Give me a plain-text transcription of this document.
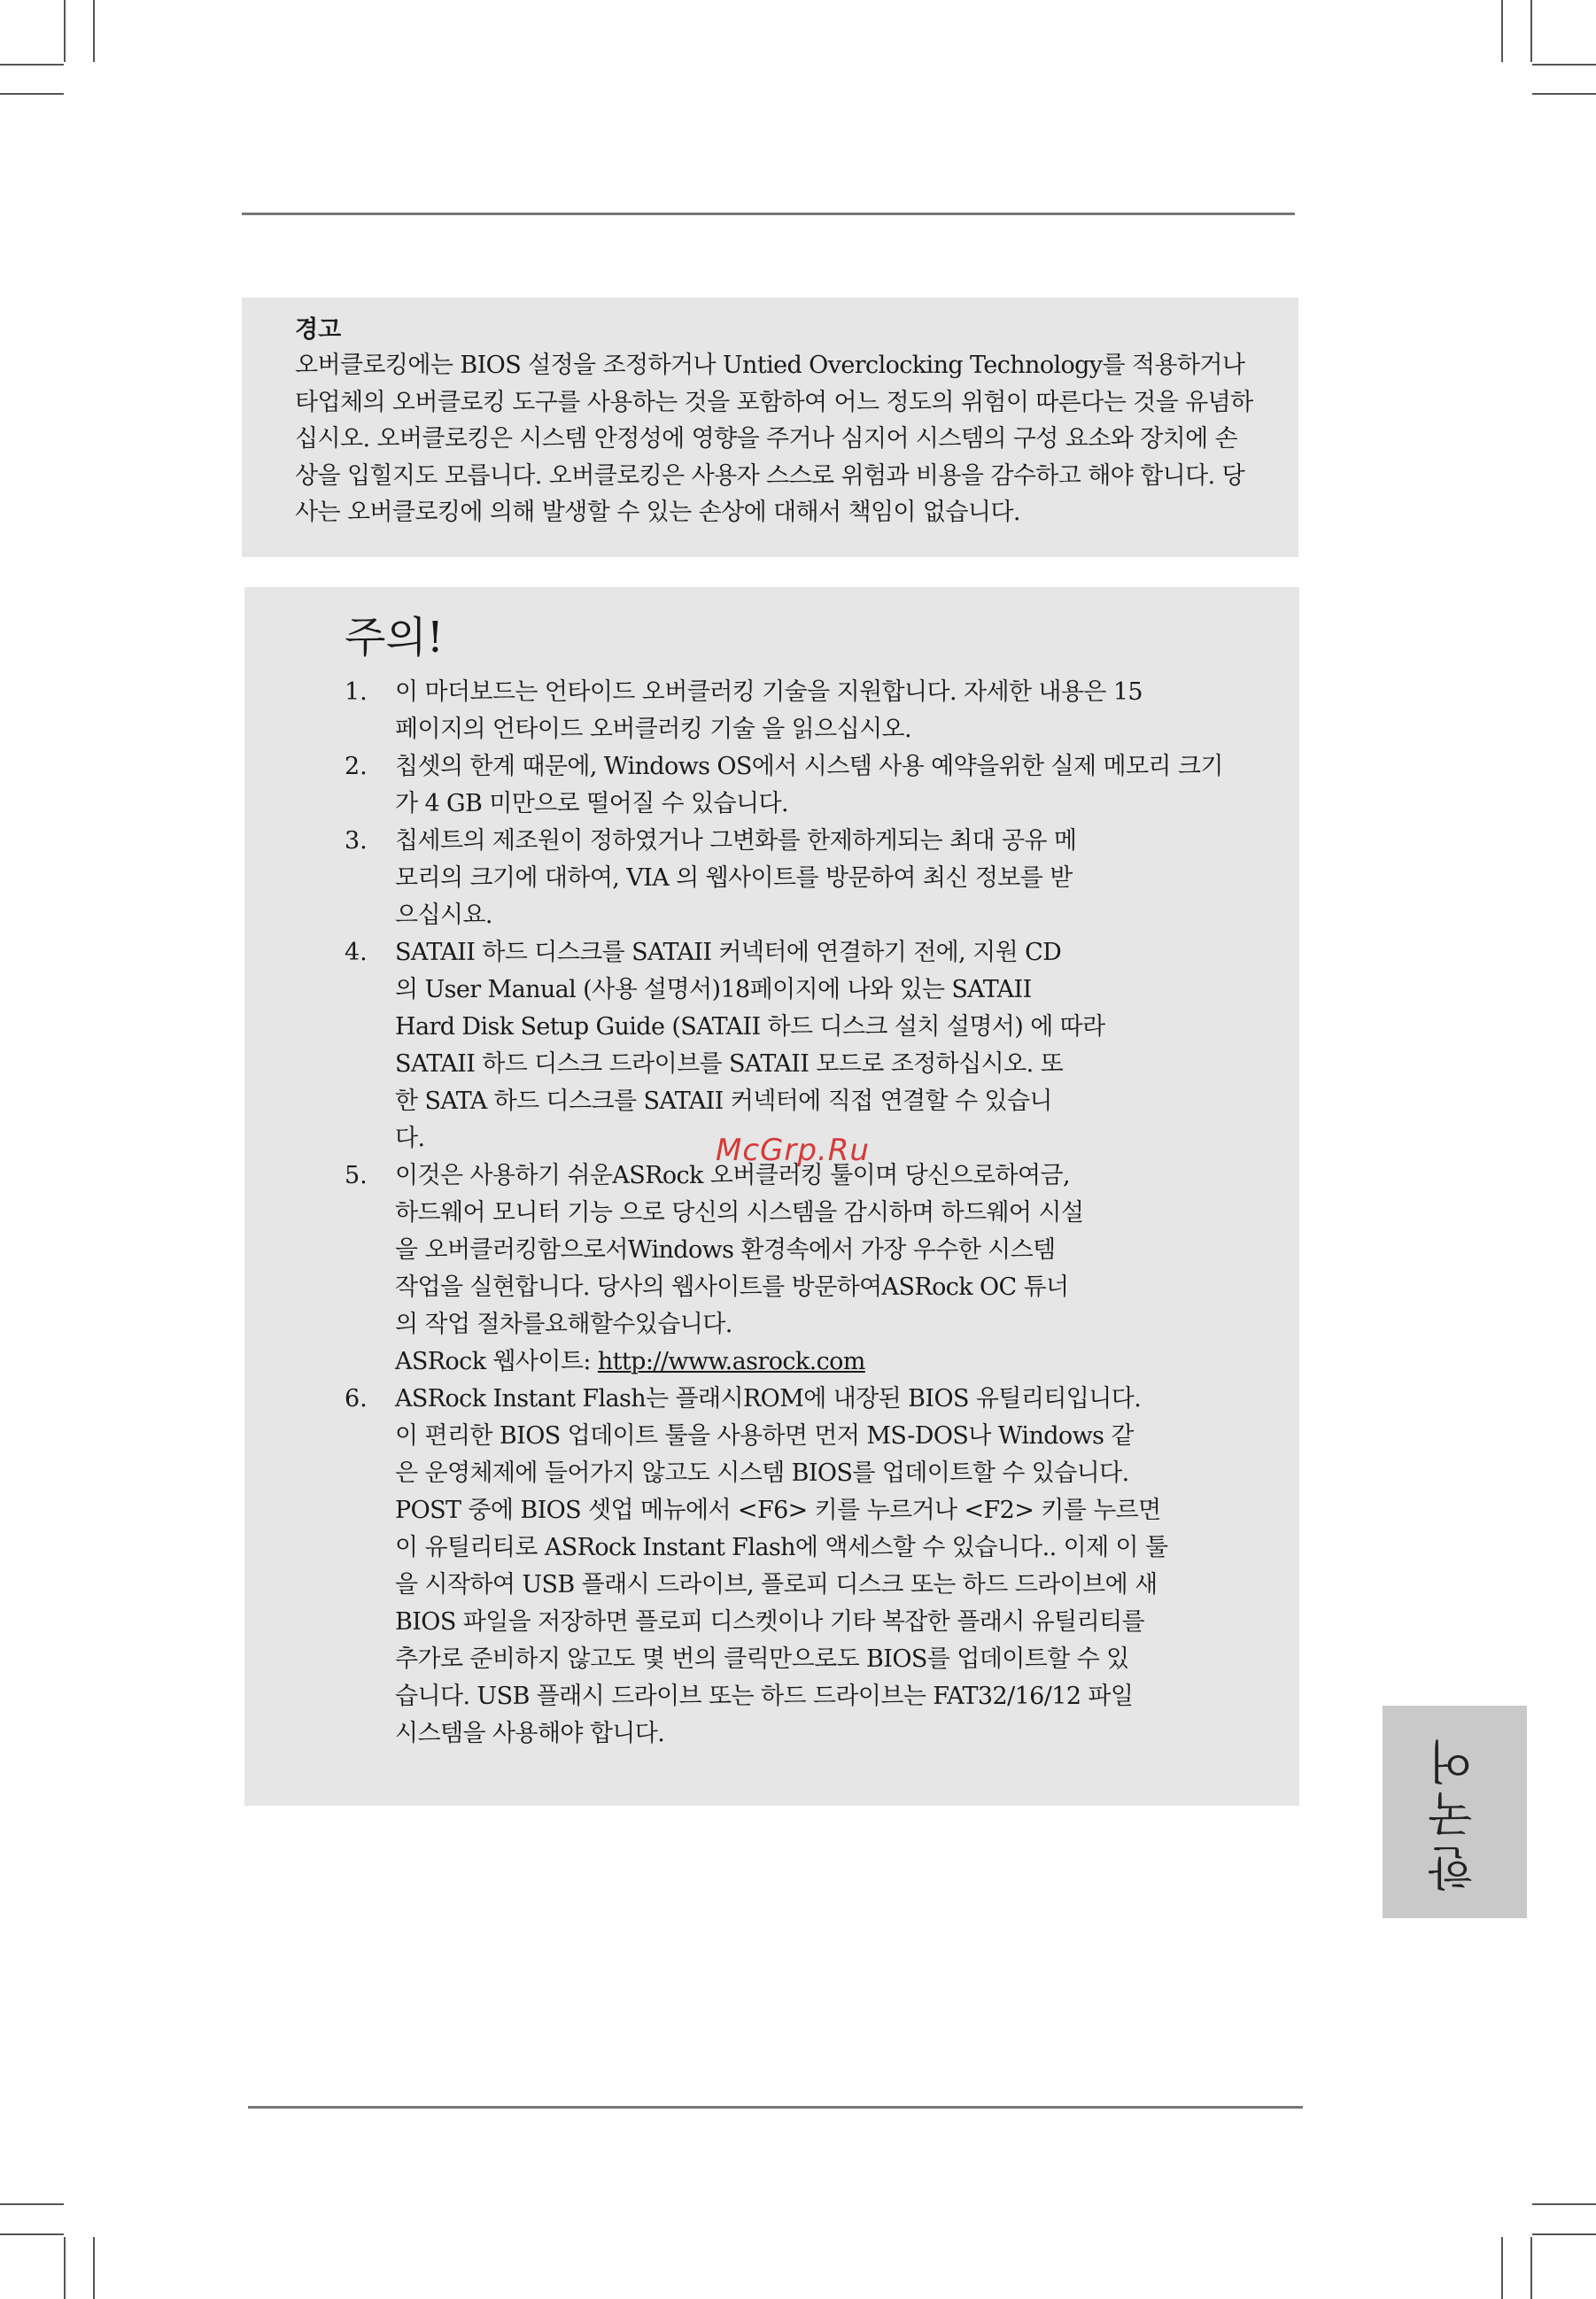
경고

오버클로킹에는 BIOS 설정을 조정하거나 Untied Overclocking Technology를 적용하거나

타업체의 오버클로킹 도구를 사용하는 것을 포함하여 어느 정도의 위험이 따른다는 것을 유념하

십시오. 오버클로킹은 시스템 안정성에 영향을 주거나 심지어 시스템의 구성 요소와 장치에 손

상을 입힐지도 모릅니다. 오버클로킹은 사용자 스스로 위험과 비용을 감수하고 해야 합니다. 당

사는 오버클로킹에 의해 발생할 수 있는 손상에 대해서 책임이 없습니다.

주의!
1. 이 마더보드는 언타이드 오버클러킹 기술을 지원합니다. 자세한 내용은 15
페이지의 언타이드 오버클러킹 기술 을 읽으십시오.
2. 칩셋의 한계 때문에, Windows OS에서 시스템 사용 예약을위한 실제 메모리 크기
가 4 GB 미만으로 떨어질 수 있습니다.
3. 칩세트의 제조원이 정하였거나 그변화를 한제하게되는 최대 공유 메
모리의 크기에 대하여, VIA 의 웹사이트를 방문하여 최신 정보를 받
으십시요.
4. SATAII 하드 디스크를 SATAII 커넥터에 연결하기 전에, 지원 CD
의 User Manual (사용 설명서)18페이지에 나와 있는 SATAII
Hard Disk Setup Guide (SATAII 하드 디스크 설치 설명서) 에 따라
SATAII 하드 디스크 드라이브를 SATAII 모드로 조정하십시오. 또
한 SATA 하드 디스크를 SATAII 커넥터에 직접 연결할 수 있습니
다.
5. 이것은 사용하기 쉬운ASRock 오버클러킹 툴이며 당신으로하여금,
하드웨어 모니터 기능 으로 당신의 시스템을 감시하며 하드웨어 시설
을 오버클러킹함으로서Windows 환경속에서 가장 우수한 시스템
작업을 실현합니다. 당사의 웹사이트를 방문하여ASRock OC 튜너
의 작업 절차를요해할수있습니다.
ASRock 웹사이트: http://www.asrock.com
6. ASRock Instant Flash는 플래시ROM에 내장된 BIOS 유틸리티입니다.
이 편리한 BIOS 업데이트 툴을 사용하면 먼저 MS-DOS나 Windows 같
은 운영체제에 들어가지 않고도 시스템 BIOS를 업데이트할 수 있습니다.
POST 중에 BIOS 셋업 메뉴에서 <F6> 키를 누르거나 <F2> 키를 누르면
이 유틸리티로 ASRock Instant Flash에 액세스할 수 있습니다.. 이제 이 툴
을 시작하여 USB 플래시 드라이브, 플로피 디스크 또는 하드 드라이브에 새
BIOS 파일을 저장하면 플로피 디스켓이나 기타 복잡한 플래시 유틸리티를
추가로 준비하지 않고도 몇 번의 클릭만으로도 BIOS를 업데이트할 수 있
습니다. USB 플래시 드라이브 또는 하드 드라이브는 FAT32/16/12 파일
시스템을 사용해야 합니다.
McGrp.Ru
한국어
